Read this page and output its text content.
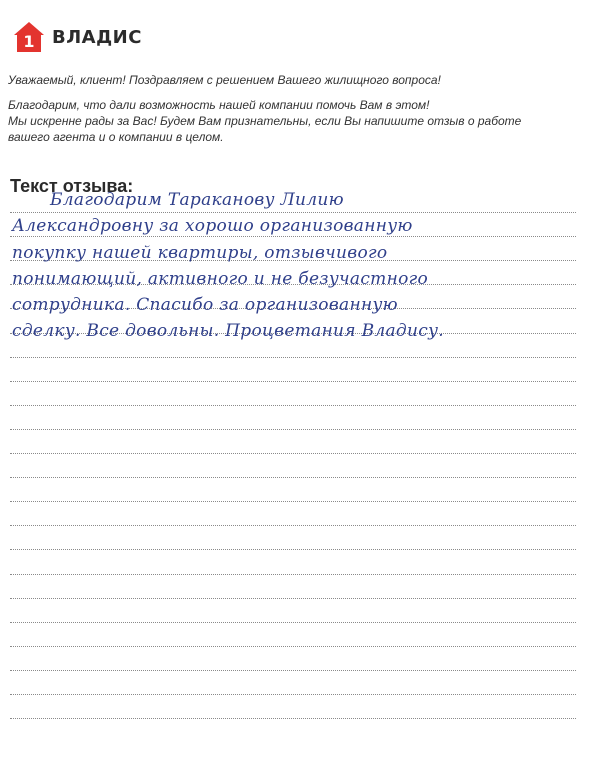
1 ВЛАДИС

Уважаемый, клиент! Поздравляем с решением Вашего жилищного вопроса!

Благодарим, что дали возможность нашей компании помочь Вам в этом!

Мы искренне рады за Вас! Будем Вам признательны, если Вы напишите отзыв о работе

вашего агента и о компании в целом.

Текст отзыва:
Благодарим Тараканову Лилию
Александровну за хорошо организованную
покупку нашей квартиры, отзывчивого
понимающий, активного и не безучастного
сотрудника. Спасибо за организованную
сделку. Все довольны. Процветания Владису.
